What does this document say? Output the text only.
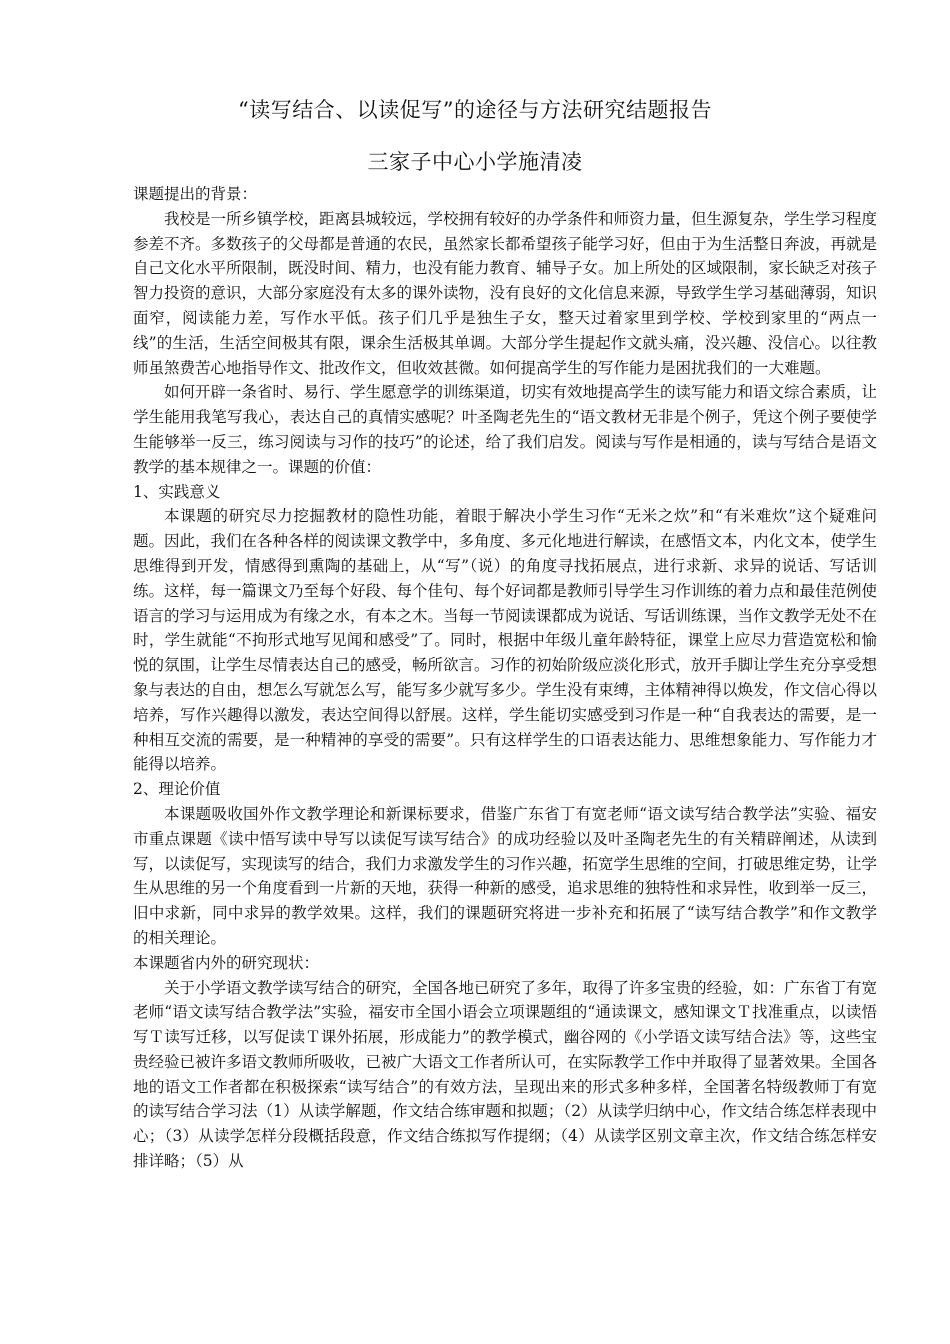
“读写结合、以读促写”的途径与方法研究结题报告
三家子中心小学施清凌

课题提出的背景：

我校是一所乡镇学校，距离县城较远，学校拥有较好的办学条件和师资力量，但生源复杂，学生学习程度参差不齐。多数孩子的父母都是普通的农民，虽然家长都希望孩子能学习好，但由于为生活整日奔波，再就是自己文化水平所限制，既没时间、精力，也没有能力教育、辅导子女。加上所处的区域限制，家长缺乏对孩子智力投资的意识，大部分家庭没有太多的课外读物，没有良好的文化信息来源，导致学生学习基础薄弱，知识面窄，阅读能力差，写作水平低。孩子们几乎是独生子女，整天过着家里到学校、学校到家里的“两点一线”的生活，生活空间极其有限，课余生活极其单调。大部分学生提起作文就头痛，没兴趣、没信心。以往教师虽煞费苦心地指导作文、批改作文，但收效甚微。如何提高学生的写作能力是困扰我们的一大难题。

如何开辟一条省时、易行、学生愿意学的训练渠道，切实有效地提高学生的读写能力和语文综合素质，让学生能用我笔写我心，表达自己的真情实感呢？叶圣陶老先生的“语文教材无非是个例子，凭这个例子要使学生能够举一反三，练习阅读与习作的技巧”的论述，给了我们启发。阅读与写作是相通的，读与写结合是语文教学的基本规律之一。课题的价值：

1、实践意义

本课题的研究尽力挖掘教材的隐性功能，着眼于解决小学生习作“无米之炊”和“有米难炊”这个疑难问题。因此，我们在各种各样的阅读课文教学中，多角度、多元化地进行解读，在感悟文本，内化文本，使学生思维得到开发，情感得到熏陶的基础上，从“写”（说）的角度寻找拓展点，进行求新、求异的说话、写话训练。这样，每一篇课文乃至每个好段、每个佳句、每个好词都是教师引导学生习作训练的着力点和最佳范例使语言的学习与运用成为有缘之水，有本之木。当每一节阅读课都成为说话、写话训练课，当作文教学无处不在时，学生就能“不拘形式地写见闻和感受”了。同时，根据中年级儿童年龄特征，课堂上应尽力营造宽松和愉悦的氛围，让学生尽情表达自己的感受，畅所欲言。习作的初始阶级应淡化形式，放开手脚让学生充分享受想象与表达的自由，想怎么写就怎么写，能写多少就写多少。学生没有束缚，主体精神得以焕发，作文信心得以培养，写作兴趣得以激发，表达空间得以舒展。这样，学生能切实感受到习作是一种“自我表达的需要，是一种相互交流的需要，是一种精神的享受的需要”。只有这样学生的口语表达能力、思维想象能力、写作能力才能得以培养。

2、理论价值

本课题吸收国外作文教学理论和新课标要求，借鉴广东省丁有宽老师“语文读写结合教学法”实验、福安市重点课题《读中悟写读中导写以读促写读写结合》的成功经验以及叶圣陶老先生的有关精辟阐述，从读到写，以读促写，实现读写的结合，我们力求激发学生的习作兴趣，拓宽学生思维的空间，打破思维定势，让学生从思维的另一个角度看到一片新的天地，获得一种新的感受，追求思维的独特性和求异性，收到举一反三，旧中求新，同中求异的教学效果。这样，我们的课题研究将进一步补充和拓展了“读写结合教学”和作文教学的相关理论。

本课题省内外的研究现状：

关于小学语文教学读写结合的研究，全国各地已研究了多年，取得了许多宝贵的经验，如：广东省丁有宽老师“语文读写结合教学法”实验，福安市全国小语会立项课题组的“通读课文，感知课文Ｔ找准重点，以读悟写Ｔ读写迁移，以写促读Ｔ课外拓展，形成能力”的教学模式，幽谷网的《小学语文读写结合法》等，这些宝贵经验已被许多语文教师所吸收，已被广大语文工作者所认可，在实际教学工作中并取得了显著效果。全国各地的语文工作者都在积极探索“读写结合”的有效方法，呈现出来的形式多种多样，全国著名特级教师丁有宽的读写结合学习法（1）从读学解题，作文结合练审题和拟题；（2）从读学归纳中心，作文结合练怎样表现中心；（3）从读学怎样分段概括段意，作文结合练拟写作提纲；（4）从读学区别文章主次，作文结合练怎样安排详略；（5）从
